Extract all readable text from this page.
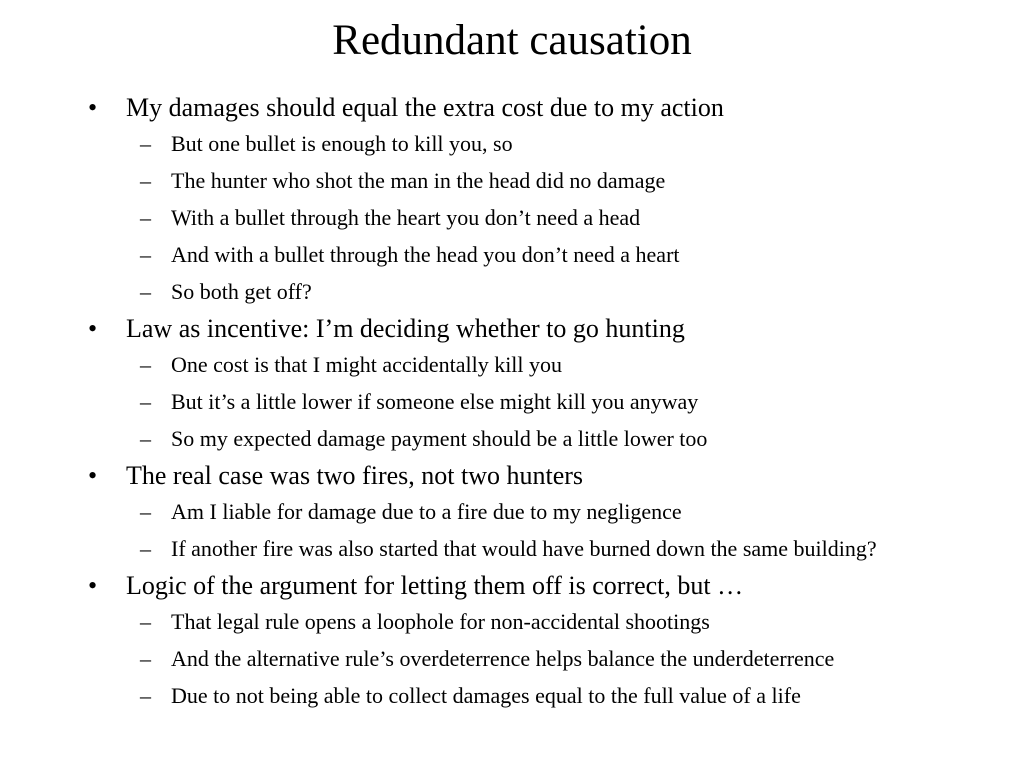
Redundant causation
•	My damages should equal the extra cost due to my action
– But one bullet is enough to kill you, so
– The hunter who shot the man in the head did no damage
– With a bullet through the heart you don’t need a head
– And with a bullet through the head you don’t need a heart
– So both get off?
•	Law as incentive: I’m deciding whether to go hunting
– One cost is that I might accidentally kill you
– But it’s a little lower if someone else might kill you anyway
– So my expected damage payment should be a little lower too
•	The real case was two fires, not two hunters
– Am I liable for damage due to a fire due to my negligence
– If another fire was also started that would have burned down the same building?
•	Logic of the argument for letting them off is correct, but …
– That legal rule opens a loophole for non-accidental shootings
– And the alternative rule’s overdeterrence helps balance the underdeterrence
– Due to not being able to collect damages equal to the full value of a life
